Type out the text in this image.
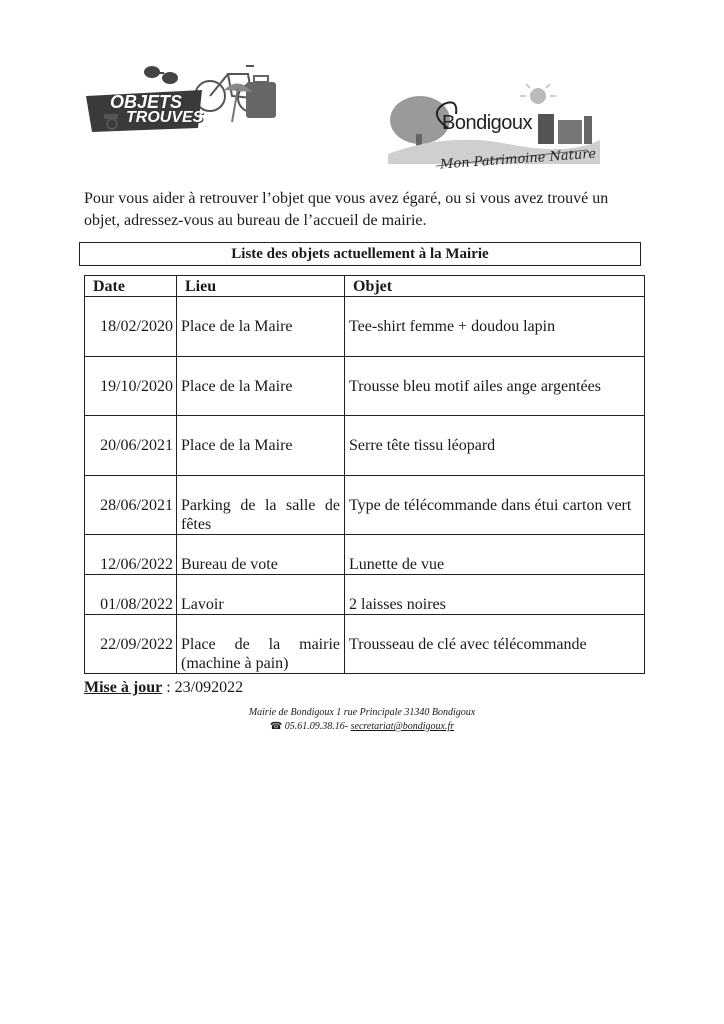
OBJETS
TROUVES	Bondigoux
Mon Patrimoine Nature

Pour vous aider à retrouver l’objet que vous avez égaré, ou si vous avez trouvé un objet, adressez-vous au bureau de l’accueil de mairie.

Liste des objets actuellement à la Mairie
Date	Lieu	Objet
18/02/2020	Place de la Maire	Tee-shirt femme + doudou lapin
19/10/2020	Place de la Maire	Trousse bleu motif ailes ange argentées
20/06/2021	Place de la Maire	Serre tête tissu léopard
28/06/2021	Parking de la salle de fêtes	Type de télécommande dans étui carton vert
12/06/2022	Bureau de vote	Lunette de vue
01/08/2022	Lavoir	2 laisses noires
22/09/2022	Place de la mairie (machine à pain)	Trousseau de clé avec télécommande
Mise à jour : 23/092022
Mairie de Bondigoux 1 rue Principale 31340 Bondigoux
☎ 05.61.09.38.16- secretariat@bondigoux.fr
